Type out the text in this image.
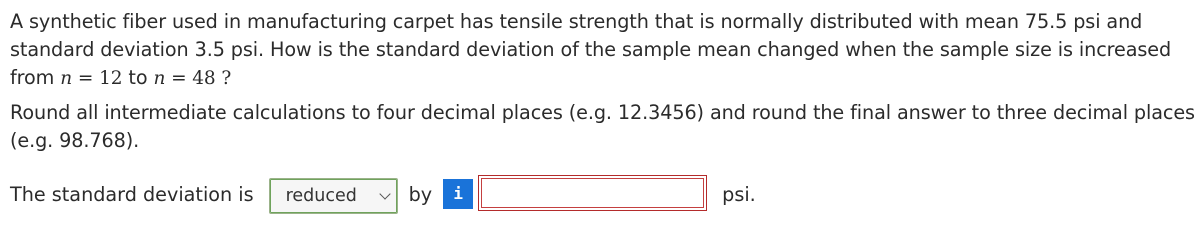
A synthetic fiber used in manufacturing carpet has tensile strength that is normally distributed with mean 75.5 psi and standard deviation 3.5 psi. How is the standard deviation of the sample mean changed when the sample size is increased from n = 12 to n = 48 ?

Round all intermediate calculations to four decimal places (e.g. 12.3456) and round the final answer to three decimal places (e.g. 98.768).

The standard deviation is reduced	by i	psi.
